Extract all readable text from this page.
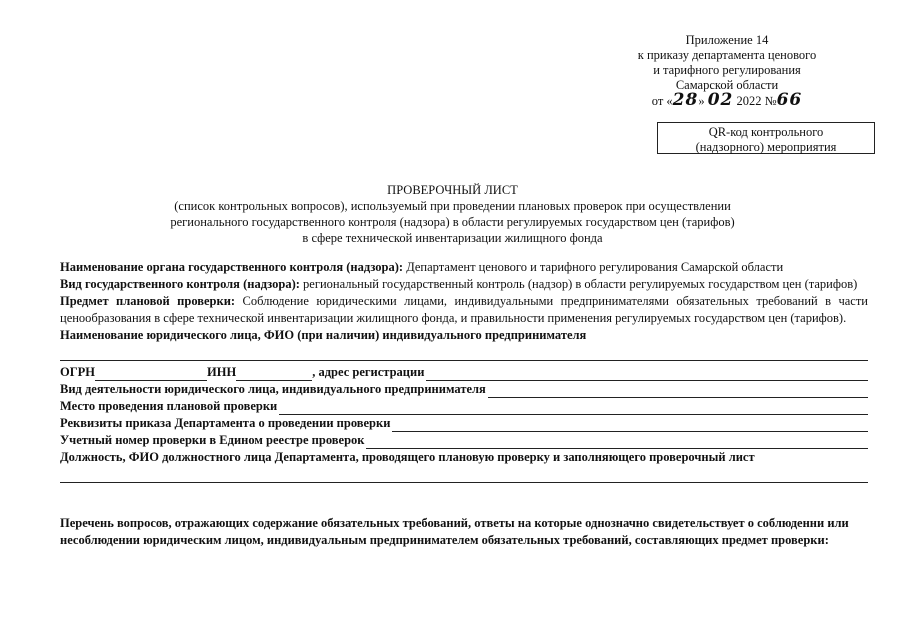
Приложение 14
к приказу департамента ценового
и тарифного регулирования
Самарской области
от «28» 02 2022 №66
QR-код контрольного
(надзорного) мероприятия
ПРОВЕРОЧНЫЙ ЛИСТ
(список контрольных вопросов), используемый при проведении плановых проверок при осуществлении
регионального государственного контроля (надзора) в области регулируемых государством цен (тарифов)
в сфере технической инвентаризации жилищного фонда
Наименование органа государственного контроля (надзора): Департамент ценового и тарифного регулирования Самарской области
Вид государственного контроля (надзора): региональный государственный контроль (надзор) в области регулируемых государством цен (тарифов)
Предмет плановой проверки: Соблюдение юридическими лицами, индивидуальными предпринимателями обязательных требований в части ценообразования в сфере технической инвентаризации жилищного фонда, и правильности применения регулируемых государством цен (тарифов).
Наименование юридического лица, ФИО (при наличии) индивидуального предпринимателя
ОГРН	ИНН	, адрес регистрации
Вид деятельности юридического лица, индивидуального предпринимателя
Место проведения плановой проверки
Реквизиты приказа Департамента о проведении проверки
Учетный номер проверки в Едином реестре проверок
Должность, ФИО должностного лица Департамента, проводящего плановую проверку и заполняющего проверочный лист
Перечень вопросов, отражающих содержание обязательных требований, ответы на которые однозначно свидетельствует о соблюденни или несоблюдении юридическим лицом, индивидуальным предпринимателем обязательных требований, составляющих предмет проверки:
